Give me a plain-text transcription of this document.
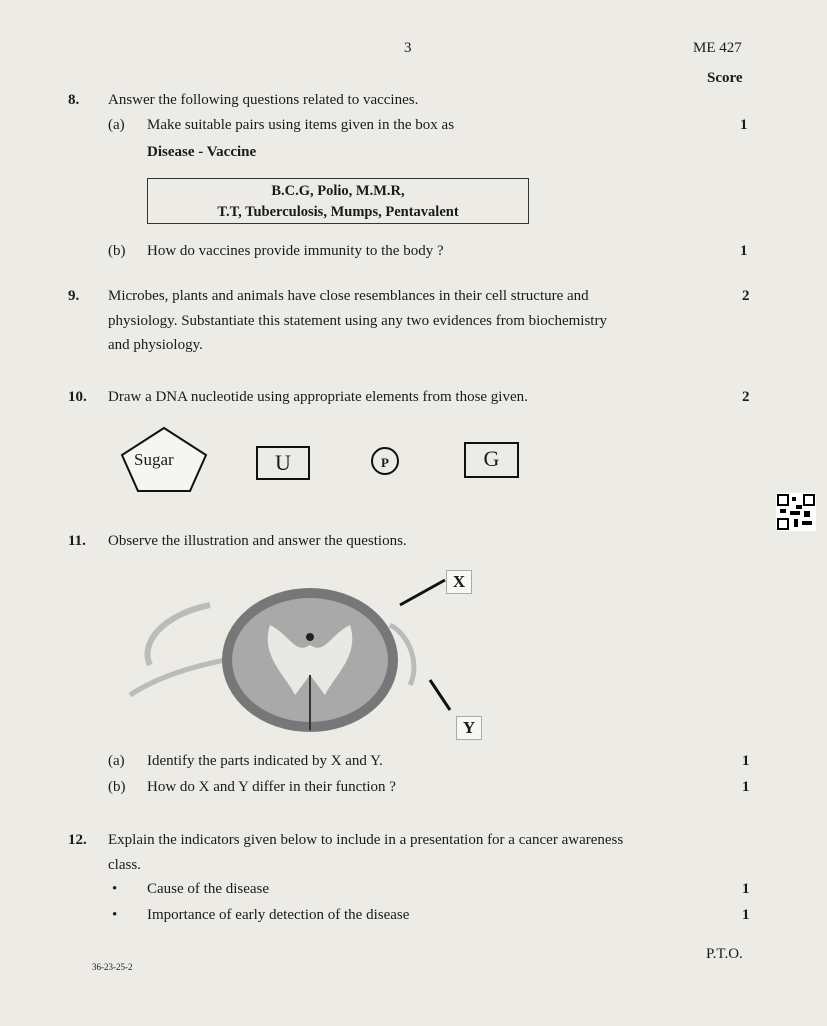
3	ME 427
Score
8. Answer the following questions related to vaccines.
(a) Make suitable pairs using items given in the box as	1
Disease - Vaccine
B.C.G, Polio, M.M.R,
T.T, Tuberculosis, Mumps, Pentavalent
(b) How do vaccines provide immunity to the body ?	1
9. Microbes, plants and animals have close resemblances in their cell structure and
physiology. Substantiate this statement using any two evidences from biochemistry
and physiology.
2
10. Draw a DNA nucleotide using appropriate elements from those given.	2
Sugar	U	P	G
11. Observe the illustration and answer the questions.
X
Y
(a) Identify the parts indicated by X and Y.	1
(b) How do X and Y differ in their function ?	1
12. Explain the indicators given below to include in a presentation for a cancer awareness
class.
• Cause of the disease	1
• Importance of early detection of the disease	1
36-23-25-2
P.T.O.
